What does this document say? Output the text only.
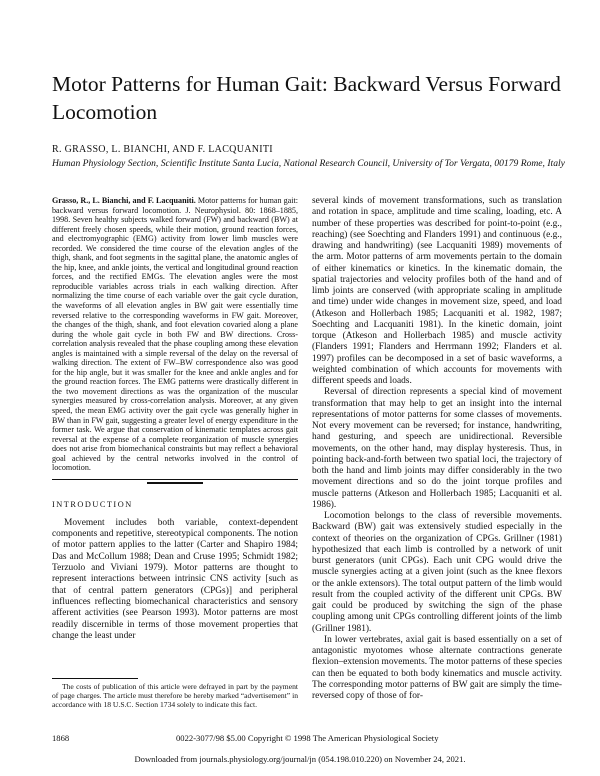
Motor Patterns for Human Gait: Backward Versus Forward Locomotion
R. GRASSO, L. BIANCHI, AND F. LACQUANITI
Human Physiology Section, Scientific Institute Santa Lucia, National Research Council, University of Tor Vergata, 00179 Rome, Italy

Grasso, R., L. Bianchi, and F. Lacquaniti. Motor patterns for human gait: backward versus forward locomotion. J. Neurophysiol. 80: 1868–1885, 1998. Seven healthy subjects walked forward (FW) and backward (BW) at different freely chosen speeds, while their motion, ground reaction forces, and electromyographic (EMG) activity from lower limb muscles were recorded. We considered the time course of the elevation angles of the thigh, shank, and foot segments in the sagittal plane, the anatomic angles of the hip, knee, and ankle joints, the vertical and longitudinal ground reaction forces, and the rectified EMGs. The elevation angles were the most reproducible variables across trials in each walking direction. After normalizing the time course of each variable over the gait cycle duration, the waveforms of all elevation angles in BW gait were essentially time reversed relative to the corresponding waveforms in FW gait. Moreover, the changes of the thigh, shank, and foot elevation covaried along a plane during the whole gait cycle in both FW and BW directions. Cross-correlation analysis revealed that the phase coupling among these elevation angles is maintained with a simple reversal of the delay on the reversal of walking direction. The extent of FW–BW correspondence also was good for the hip angle, but it was smaller for the knee and ankle angles and for the ground reaction forces. The EMG patterns were drastically different in the two movement directions as was the organization of the muscular synergies measured by cross-correlation analysis. Moreover, at any given speed, the mean EMG activity over the gait cycle was generally higher in BW than in FW gait, suggesting a greater level of energy expenditure in the former task. We argue that conservation of kinematic templates across gait reversal at the expense of a complete reorganization of muscle synergies does not arise from biomechanical constraints but may reflect a behavioral goal achieved by the central networks involved in the control of locomotion.

INTRODUCTION

Movement includes both variable, context-dependent components and repetitive, stereotypical components. The notion of motor pattern applies to the latter (Carter and Shapiro 1984; Das and McCollum 1988; Dean and Cruse 1995; Schmidt 1982; Terzuolo and Viviani 1979). Motor patterns are thought to represent interactions between intrinsic CNS activity [such as that of central pattern generators (CPGs)] and peripheral influences reflecting biomechanical characteristics and sensory afferent activities (see Pearson 1993). Motor patterns are most readily discernible in terms of those movement properties that change the least under

The costs of publication of this article were defrayed in part by the payment of page charges. The article must therefore be hereby marked “advertisement” in accordance with 18 U.S.C. Section 1734 solely to indicate this fact.

several kinds of movement transformations, such as translation and rotation in space, amplitude and time scaling, loading, etc. A number of these properties was described for point-to-point (e.g., reaching) (see Soechting and Flanders 1991) and continuous (e.g., drawing and handwriting) (see Lacquaniti 1989) movements of the arm. Motor patterns of arm movements pertain to the domain of either kinematics or kinetics. In the kinematic domain, the spatial trajectories and velocity profiles both of the hand and of limb joints are conserved (with appropriate scaling in amplitude and time) under wide changes in movement size, speed, and load (Atkeson and Hollerbach 1985; Lacquaniti et al. 1982, 1987; Soechting and Lacquaniti 1981). In the kinetic domain, joint torque (Atkeson and Hollerbach 1985) and muscle activity (Flanders 1991; Flanders and Herrmann 1992; Flanders et al. 1997) profiles can be decomposed in a set of basic waveforms, a weighted combination of which accounts for movements with different speeds and loads.

Reversal of direction represents a special kind of movement transformation that may help to get an insight into the internal representations of motor patterns for some classes of movements. Not every movement can be reversed; for instance, handwriting, hand gesturing, and speech are unidirectional. Reversible movements, on the other hand, may display hysteresis. Thus, in pointing back-and-forth between two spatial loci, the trajectory of both the hand and limb joints may differ considerably in the two movement directions and so do the joint torque profiles and muscle patterns (Atkeson and Hollerbach 1985; Lacquaniti et al. 1986).

Locomotion belongs to the class of reversible movements. Backward (BW) gait was extensively studied especially in the context of theories on the organization of CPGs. Grillner (1981) hypothesized that each limb is controlled by a network of unit burst generators (unit CPGs). Each unit CPG would drive the muscle synergies acting at a given joint (such as the knee flexors or the ankle extensors). The total output pattern of the limb would result from the coupled activity of the different unit CPGs. BW gait could be produced by switching the sign of the phase coupling among unit CPGs controlling different joints of the limb (Grillner 1981).

In lower vertebrates, axial gait is based essentially on a set of antagonistic myotomes whose alternate contractions generate flexion–extension movements. The motor patterns of these species can then be equated to both body kinematics and muscle activity. The corresponding motor patterns of BW gait are simply the time-reversed copy of those of for-

1868	0022-3077/98 $5.00 Copyright © 1998 The American Physiological Society
Downloaded from journals.physiology.org/journal/jn (054.198.010.220) on November 24, 2021.
